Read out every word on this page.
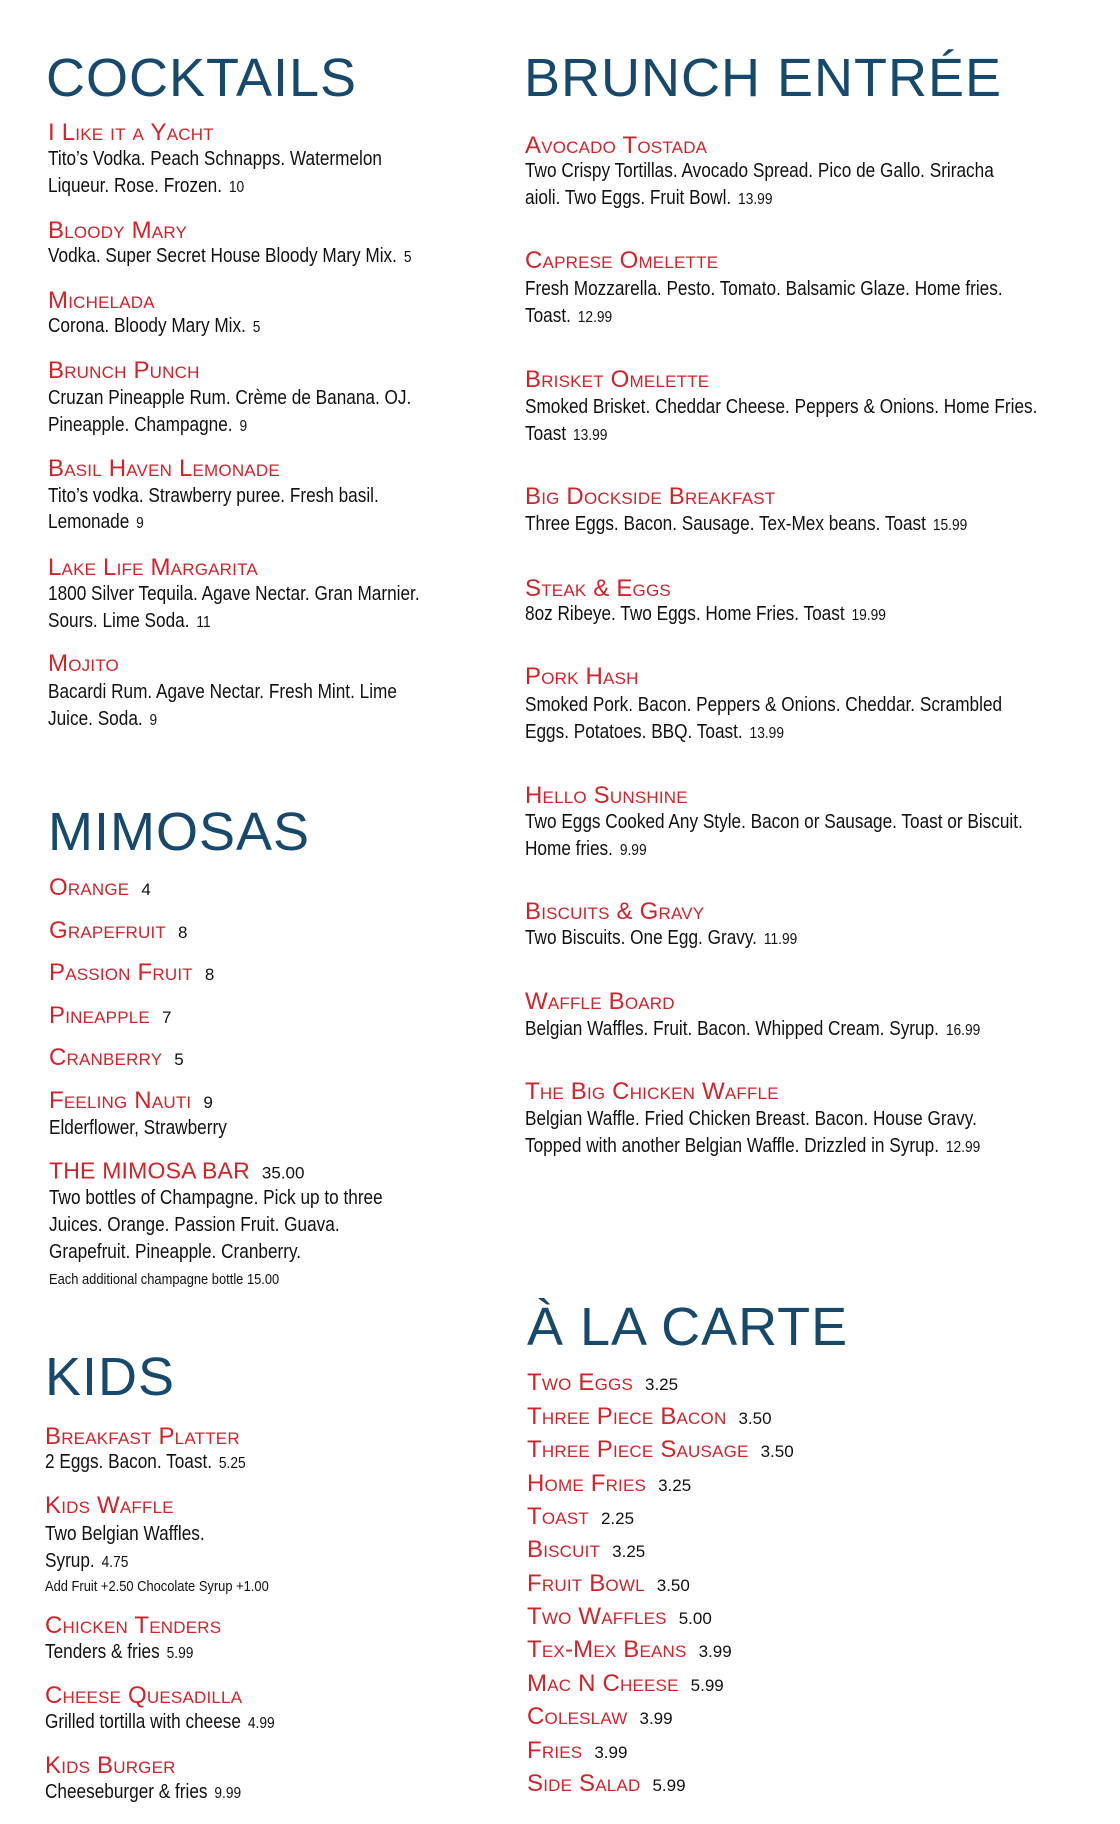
COCKTAILS
I Like it a Yacht
Tito’s Vodka. Peach Schnapps. Watermelon
Liqueur. Rose. Frozen. 10
Bloody Mary
Vodka. Super Secret House Bloody Mary Mix. 5
Michelada
Corona. Bloody Mary Mix. 5
Brunch Punch
Cruzan Pineapple Rum. Crème de Banana. OJ.
Pineapple. Champagne. 9
Basil Haven Lemonade
Tito’s vodka. Strawberry puree. Fresh basil.
Lemonade 9
Lake Life Margarita
1800 Silver Tequila. Agave Nectar. Gran Marnier.
Sours. Lime Soda. 11
Mojito
Bacardi Rum. Agave Nectar. Fresh Mint. Lime
Juice. Soda. 9
MIMOSAS
Orange 4
Grapefruit 8
Passion Fruit 8
Pineapple 7
Cranberry 5
Feeling Nauti 9
Elderflower, Strawberry
THE MIMOSA BAR 35.00
Two bottles of Champagne. Pick up to three
Juices. Orange. Passion Fruit. Guava.
Grapefruit. Pineapple. Cranberry.
Each additional champagne bottle 15.00
KIDS
Breakfast Platter
2 Eggs. Bacon. Toast. 5.25
Kids Waffle
Two Belgian Waffles.
Syrup. 4.75
Add Fruit +2.50 Chocolate Syrup +1.00
Chicken Tenders
Tenders & fries 5.99
Cheese Quesadilla
Grilled tortilla with cheese 4.99
Kids Burger
Cheeseburger & fries 9.99
BRUNCH ENTRÉE
Avocado Tostada
Two Crispy Tortillas. Avocado Spread. Pico de Gallo. Sriracha
aioli. Two Eggs. Fruit Bowl. 13.99
Caprese Omelette
Fresh Mozzarella. Pesto. Tomato. Balsamic Glaze. Home fries.
Toast. 12.99
Brisket Omelette
Smoked Brisket. Cheddar Cheese. Peppers & Onions. Home Fries.
Toast 13.99
Big Dockside Breakfast
Three Eggs. Bacon. Sausage. Tex-Mex beans. Toast 15.99
Steak & Eggs
8oz Ribeye. Two Eggs. Home Fries. Toast 19.99
Pork Hash
Smoked Pork. Bacon. Peppers & Onions. Cheddar. Scrambled
Eggs. Potatoes. BBQ. Toast. 13.99
Hello Sunshine
Two Eggs Cooked Any Style. Bacon or Sausage. Toast or Biscuit.
Home fries. 9.99
Biscuits & Gravy
Two Biscuits. One Egg. Gravy. 11.99
Waffle Board
Belgian Waffles. Fruit. Bacon. Whipped Cream. Syrup. 16.99
The Big Chicken Waffle
Belgian Waffle. Fried Chicken Breast. Bacon. House Gravy.
Topped with another Belgian Waffle. Drizzled in Syrup. 12.99
À LA CARTE
Two Eggs 3.25
Three Piece Bacon 3.50
Three Piece Sausage 3.50
Home Fries 3.25
Toast 2.25
Biscuit 3.25
Fruit Bowl 3.50
Two Waffles 5.00
Tex-Mex Beans 3.99
Mac N Cheese 5.99
Coleslaw 3.99
Fries 3.99
Side Salad 5.99
